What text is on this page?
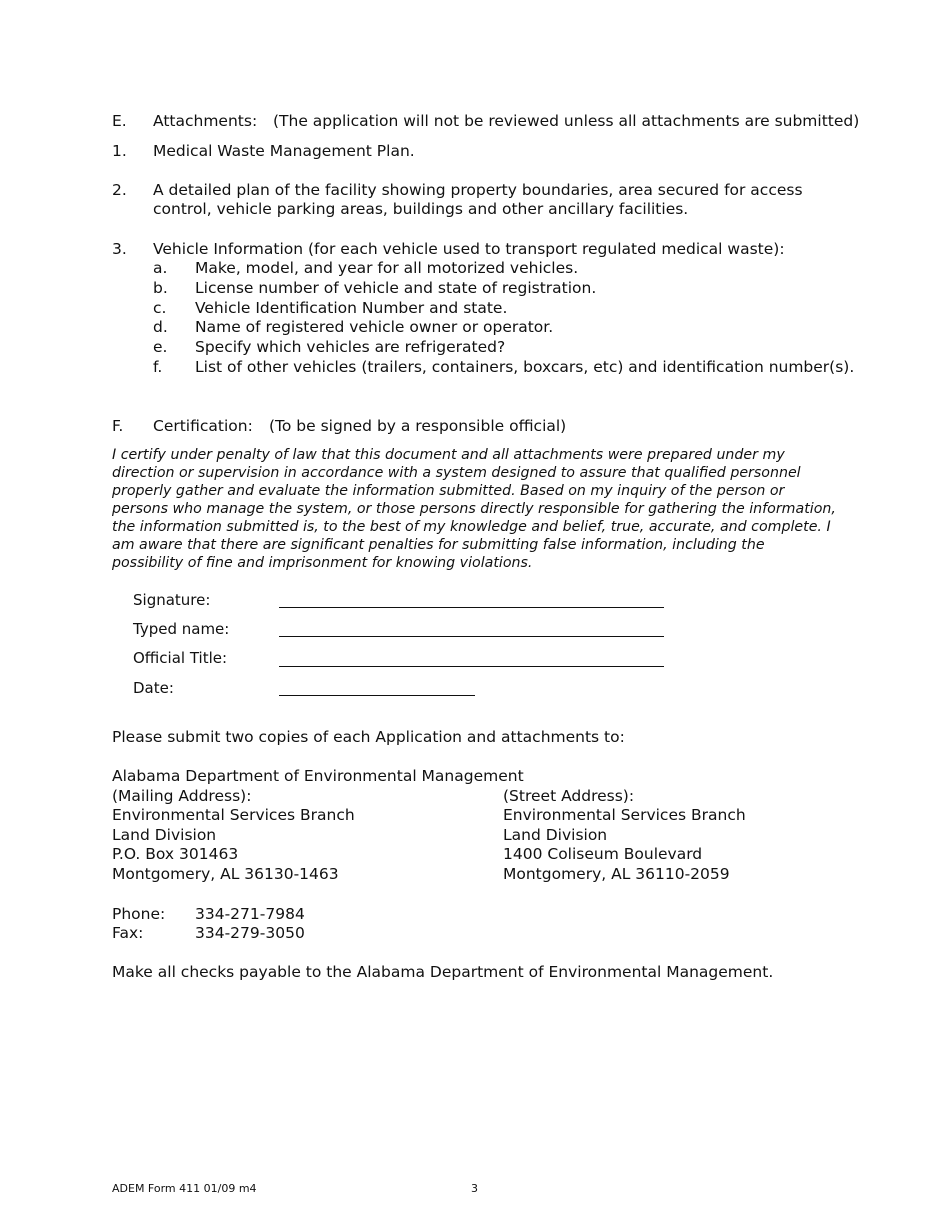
E. Attachments: (The application will not be reviewed unless all attachments are submitted)
1. Medical Waste Management Plan.
2. A detailed plan of the facility showing property boundaries, area secured for access
control, vehicle parking areas, buildings and other ancillary facilities.
3. Vehicle Information (for each vehicle used to transport regulated medical waste):
a. Make, model, and year for all motorized vehicles.
b. License number of vehicle and state of registration.
c. Vehicle Identification Number and state.
d. Name of registered vehicle owner or operator.
e. Specify which vehicles are refrigerated?
f. List of other vehicles (trailers, containers, boxcars, etc) and identification number(s).
F. Certification: (To be signed by a responsible official)
I certify under penalty of law that this document and all attachments were prepared under my direction or supervision in accordance with a system designed to assure that qualified personnel properly gather and evaluate the information submitted. Based on my inquiry of the person or persons who manage the system, or those persons directly responsible for gathering the information, the information submitted is, to the best of my knowledge and belief, true, accurate, and complete. I am aware that there are significant penalties for submitting false information, including the possibility of fine and imprisonment for knowing violations.
Signature:
Typed name:
Official Title:
Date:
Please submit two copies of each Application and attachments to:
Alabama Department of Environmental Management
(Mailing Address):
Environmental Services Branch
Land Division
P.O. Box 301463
Montgomery, AL 36130-1463
(Street Address):
Environmental Services Branch
Land Division
1400 Coliseum Boulevard
Montgomery, AL 36110-2059
Phone: 334-271-7984
Fax:	334-279-3050
Make all checks payable to the Alabama Department of Environmental Management.
ADEM Form 411 01/09 m4	3
